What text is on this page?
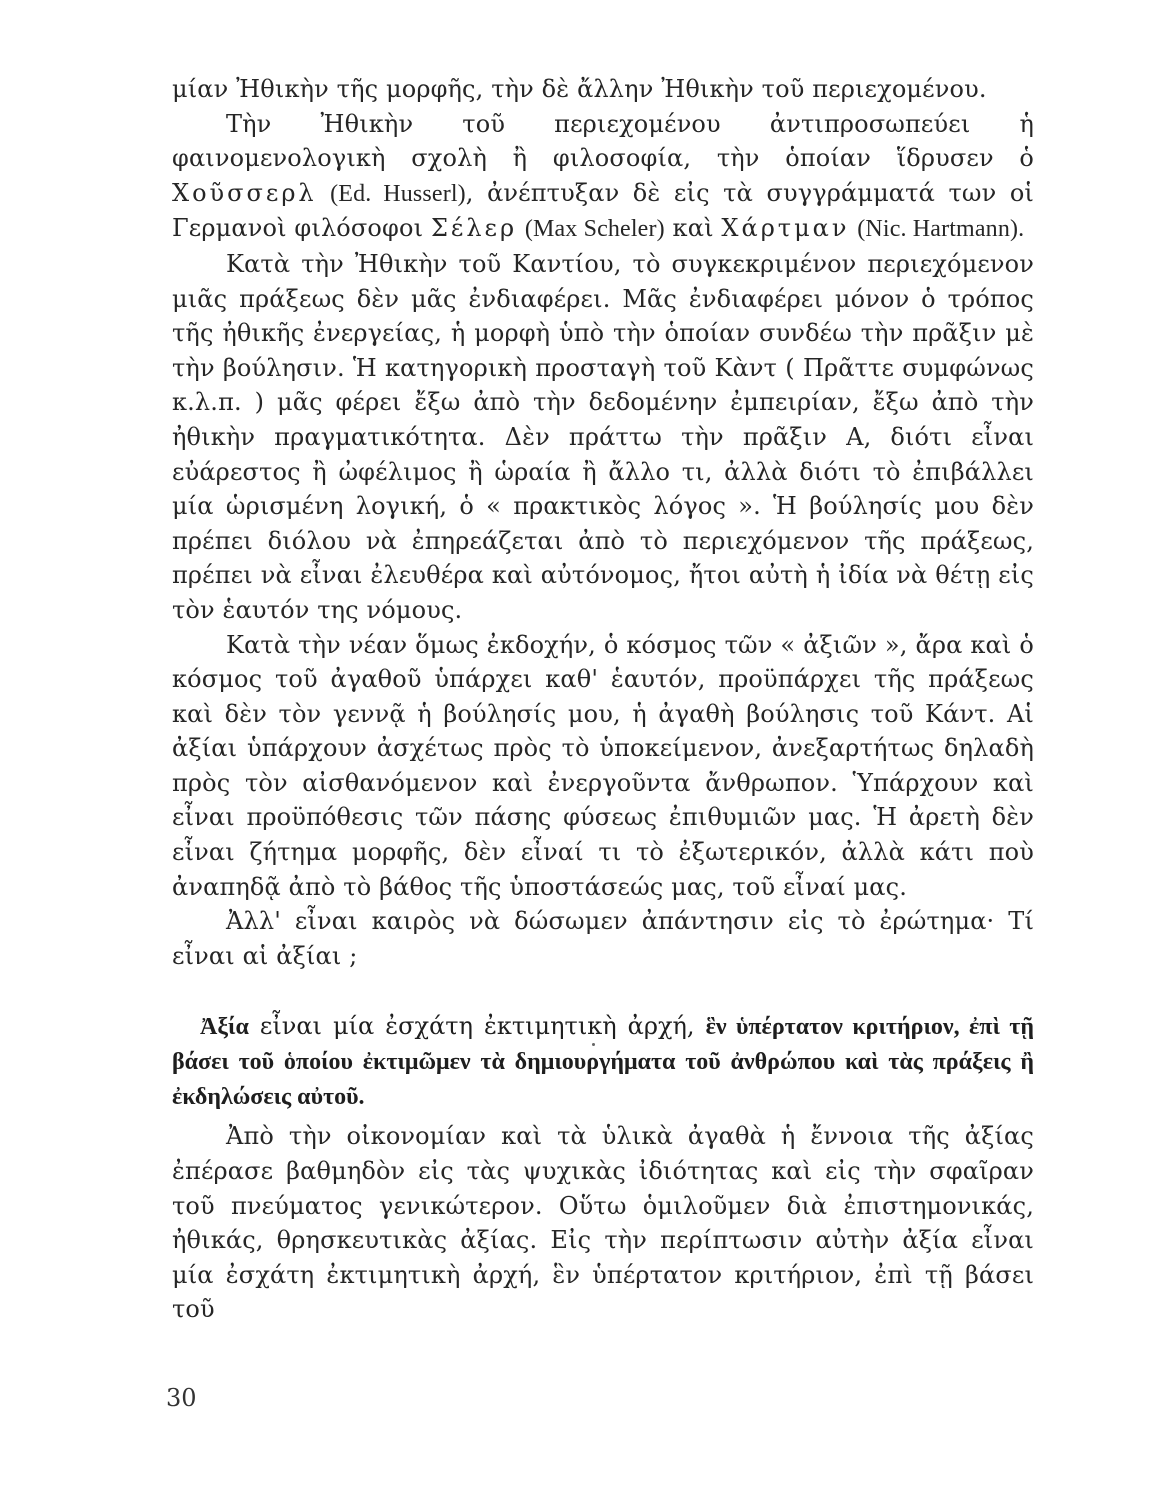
μίαν Ἠθικὴν τῆς μορφῆς, τὴν δὲ ἄλλην Ἠθικὴν τοῦ περιεχομένου.

Τὴν Ἠθικὴν τοῦ περιεχομένου ἀντιπροσωπεύει ἡ φαινομενολογικὴ σχολὴ ἢ φιλοσοφία, τὴν ὁποίαν ἵδρυσεν ὁ Χοῦσσερλ (Ed. Husserl), ἀνέπτυξαν δὲ εἰς τὰ συγγράμματά των οἱ Γερμανοὶ φιλόσοφοι Σέλερ (Max Scheler) καὶ Χάρτμαν (Nic. Hartmann).

Κατὰ τὴν Ἠθικὴν τοῦ Καντίου, τὸ συγκεκριμένον περιεχόμενον μιᾶς πράξεως δὲν μᾶς ἐνδιαφέρει. Μᾶς ἐνδιαφέρει μόνον ὁ τρόπος τῆς ἠθικῆς ἐνεργείας, ἡ μορφὴ ὑπὸ τὴν ὁποίαν συνδέω τὴν πρᾶξιν μὲ τὴν βούλησιν. Ἡ κατηγορικὴ προσταγὴ τοῦ Κὰντ ( Πρᾶττε συμφώνως κ.λ.π. ) μᾶς φέρει ἔξω ἀπὸ τὴν δεδομένην ἐμπειρίαν, ἔξω ἀπὸ τὴν ἠθικὴν πραγματικότητα. Δὲν πράττω τὴν πρᾶξιν Α, διότι εἶναι εὐάρεστος ἢ ὠφέλιμος ἢ ὡραία ἢ ἄλλο τι, ἀλλὰ διότι τὸ ἐπιβάλλει μία ὡρισμένη λογική, ὁ « πρακτικὸς λόγος ». Ἡ βούλησίς μου δὲν πρέπει διόλου νὰ ἐπηρεάζεται ἀπὸ τὸ περιεχόμενον τῆς πράξεως, πρέπει νὰ εἶναι ἐλευθέρα καὶ αὐτόνομος, ἤτοι αὐτὴ ἡ ἰδία νὰ θέτῃ εἰς τὸν ἑαυτόν της νόμους.

Κατὰ τὴν νέαν ὅμως ἐκδοχήν, ὁ κόσμος τῶν « ἀξιῶν », ἄρα καὶ ὁ κόσμος τοῦ ἀγαθοῦ ὑπάρχει καθ' ἑαυτόν, προϋπάρχει τῆς πράξεως καὶ δὲν τὸν γεννᾷ ἡ βούλησίς μου, ἡ ἀγαθὴ βούλησις τοῦ Κάντ. Αἱ ἀξίαι ὑπάρχουν ἀσχέτως πρὸς τὸ ὑποκείμενον, ἀνεξαρτήτως δηλαδὴ πρὸς τὸν αἰσθανόμενον καὶ ἐνεργοῦντα ἄνθρωπον. Ὑπάρχουν καὶ εἶναι προϋπόθεσις τῶν πάσης φύσεως ἐπιθυμιῶν μας. Ἡ ἀρετὴ δὲν εἶναι ζήτημα μορφῆς, δὲν εἶναί τι τὸ ἐξωτερικόν, ἀλλὰ κάτι ποὺ ἀναπηδᾷ ἀπὸ τὸ βάθος τῆς ὑποστάσεώς μας, τοῦ εἶναί μας.

Ἀλλ' εἶναι καιρὸς νὰ δώσωμεν ἀπάντησιν εἰς τὸ ἐρώτημα· Τί εἶναι αἱ ἀξίαι ;

Ἀξία εἶναι μία ἐσχάτη ἐκτιμητικὴ ἀρχή, ἓν ὑπέρτατον κριτήριον, ἐπὶ τῇ βάσει τοῦ ὁποίου ἐκτιμῶμεν τὰ δημιουργήματα τοῦ ἀνθρώπου καὶ τὰς πράξεις ἢ ἐκδηλώσεις αὐτοῦ.

Ἀπὸ τὴν οἰκονομίαν καὶ τὰ ὑλικὰ ἀγαθὰ ἡ ἔννοια τῆς ἀξίας ἐπέρασε βαθμηδὸν εἰς τὰς ψυχικὰς ἰδιότητας καὶ εἰς τὴν σφαῖραν τοῦ πνεύματος γενικώτερον. Οὕτω ὁμιλοῦμεν διὰ ἐπιστημονικάς, ἠθικάς, θρησκευτικὰς ἀξίας. Εἰς τὴν περίπτωσιν αὐτὴν ἀξία εἶναι μία ἐσχάτη ἐκτιμητικὴ ἀρχή, ἓν ὑπέρτατον κριτήριον, ἐπὶ τῇ βάσει τοῦ

30
